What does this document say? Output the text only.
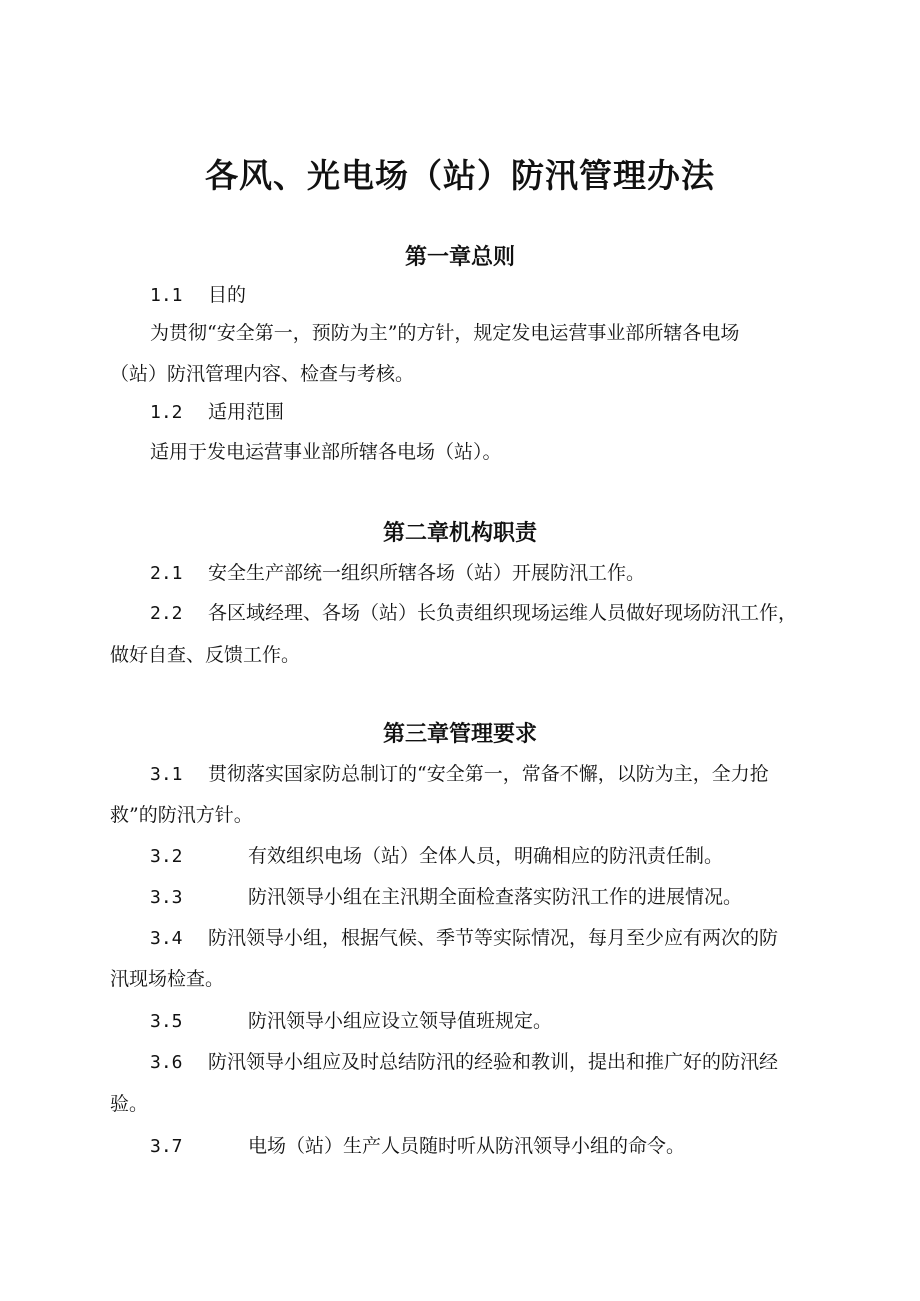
各风、光电场（站）防汛管理办法
第一章总则

1.1 目的

为贯彻“安全第一，预防为主”的方针，规定发电运营事业部所辖各电场

（站）防汛管理内容、检查与考核。

1.2 适用范围

适用于发电运营事业部所辖各电场（站）。

第二章机构职责

2.1 安全生产部统一组织所辖各场（站）开展防汛工作。

2.2 各区域经理、各场（站）长负责组织现场运维人员做好现场防汛工作，

做好自查、反馈工作。

第三章管理要求

3.1 贯彻落实国家防总制订的“安全第一，常备不懈，以防为主，全力抢

救”的防汛方针。

3.2	有效组织电场（站）全体人员，明确相应的防汛责任制。

3.3	防汛领导小组在主汛期全面检查落实防汛工作的进展情况。

3.4 防汛领导小组，根据气候、季节等实际情况，每月至少应有两次的防

汛现场检查。

3.5	防汛领导小组应设立领导值班规定。

3.6 防汛领导小组应及时总结防汛的经验和教训，提出和推广好的防汛经

验。

3.7	电场（站）生产人员随时听从防汛领导小组的命令。
